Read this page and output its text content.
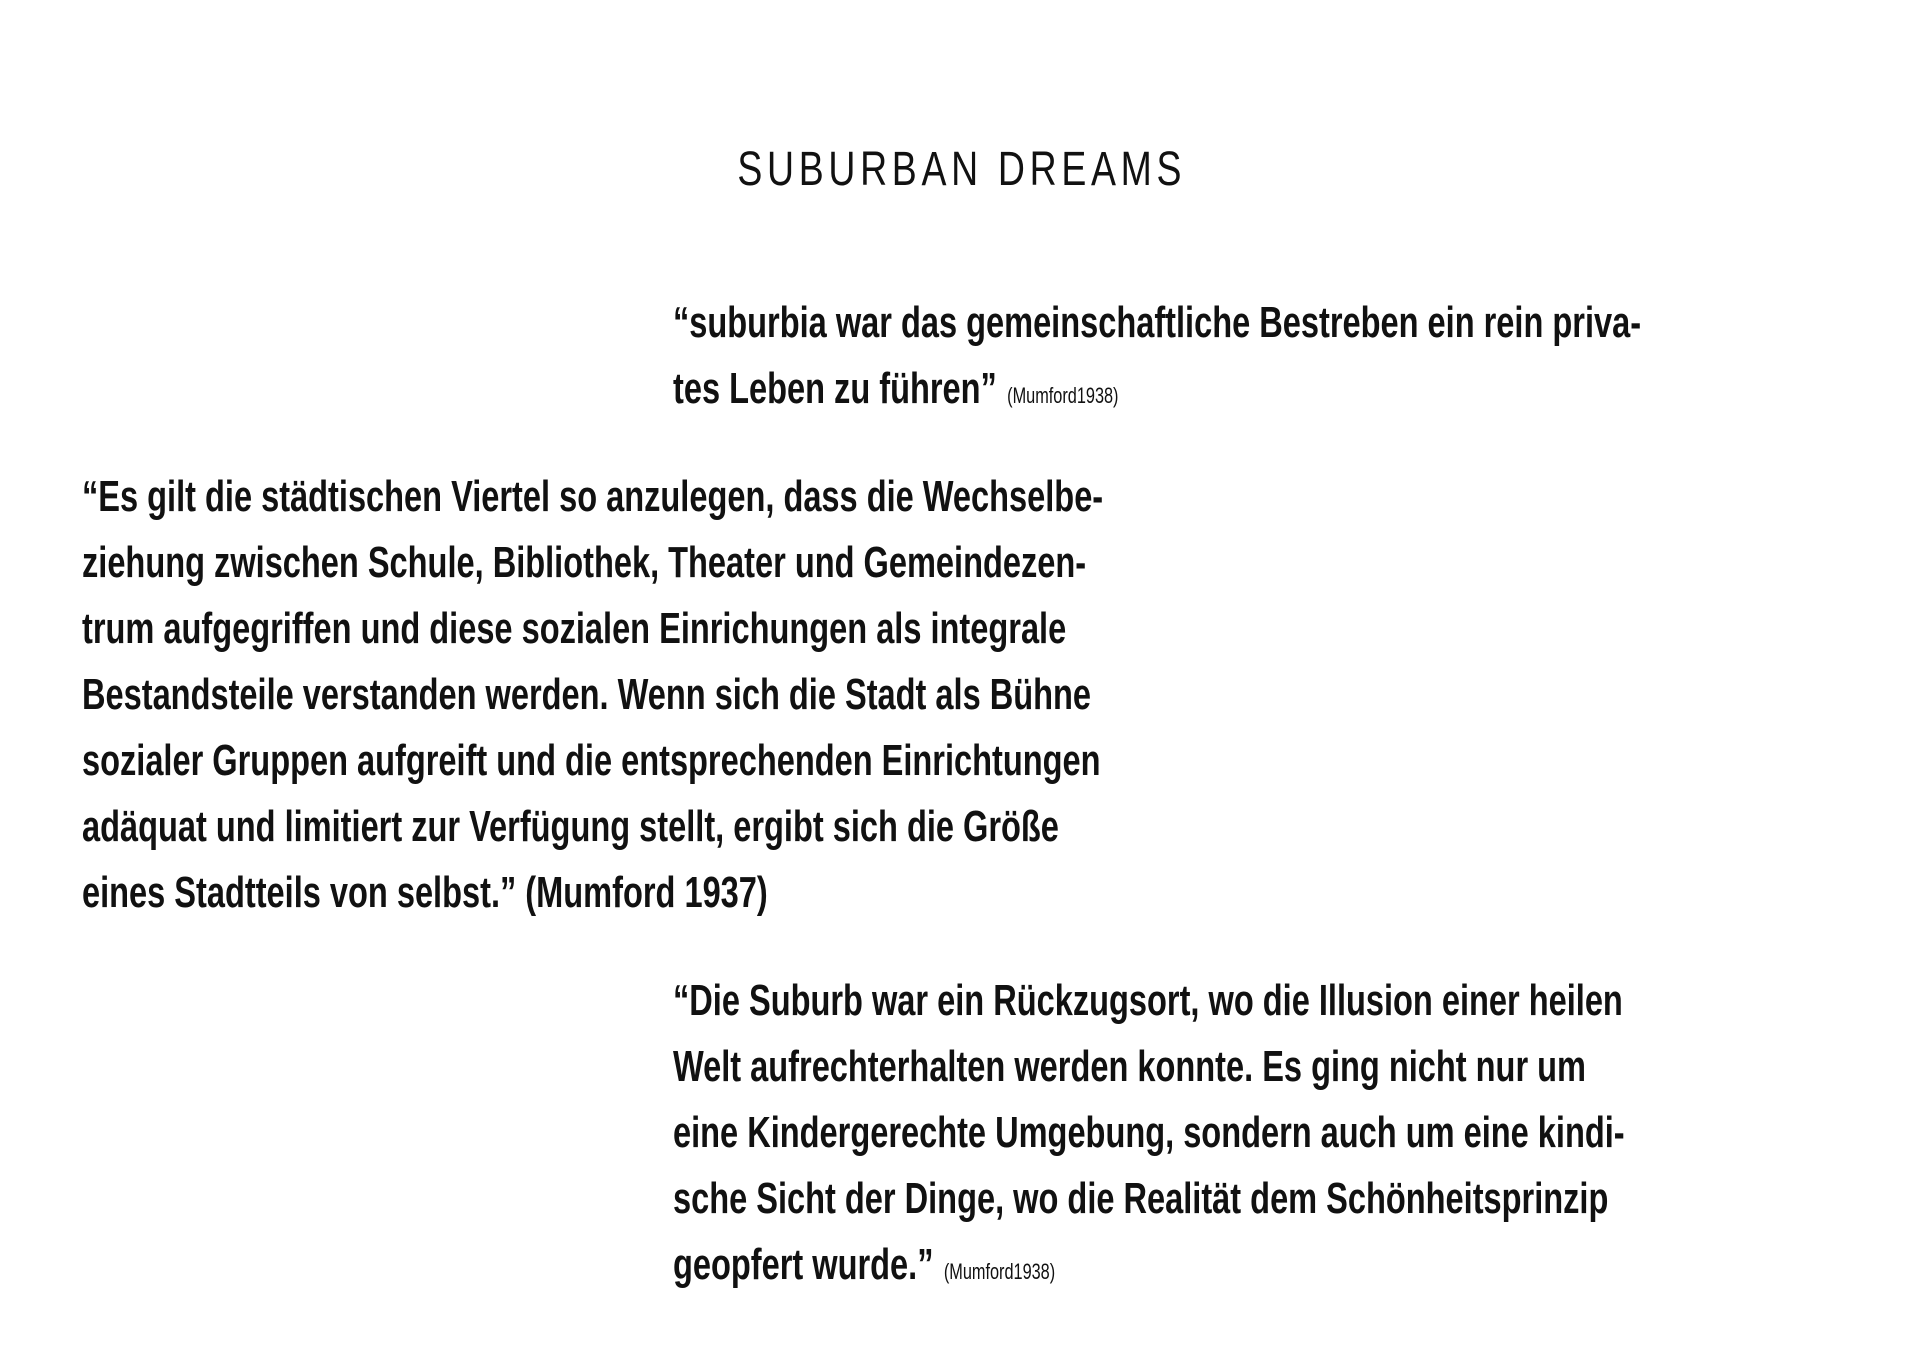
SUBURBAN DREAMS
“suburbia war das gemeinschaftliche Bestreben ein rein priva-
tes Leben zu führen” (Mumford1938)
“Es gilt die städtischen Viertel so anzulegen, dass die Wechselbe-
ziehung zwischen Schule, Bibliothek, Theater und Gemeindezen-
trum aufgegriffen und diese sozialen Einrichungen als integrale
Bestandsteile verstanden werden. Wenn sich die Stadt als Bühne
sozialer Gruppen aufgreift und die entsprechenden Einrichtungen
adäquat und limitiert zur Verfügung stellt, ergibt sich die Größe
eines Stadtteils von selbst.” (Mumford 1937)
“Die Suburb war ein Rückzugsort, wo die Illusion einer heilen
Welt aufrechterhalten werden konnte. Es ging nicht nur um
eine Kindergerechte Umgebung, sondern auch um eine kindi-
sche Sicht der Dinge, wo die Realität dem Schönheitsprinzip
geopfert wurde.” (Mumford1938)
